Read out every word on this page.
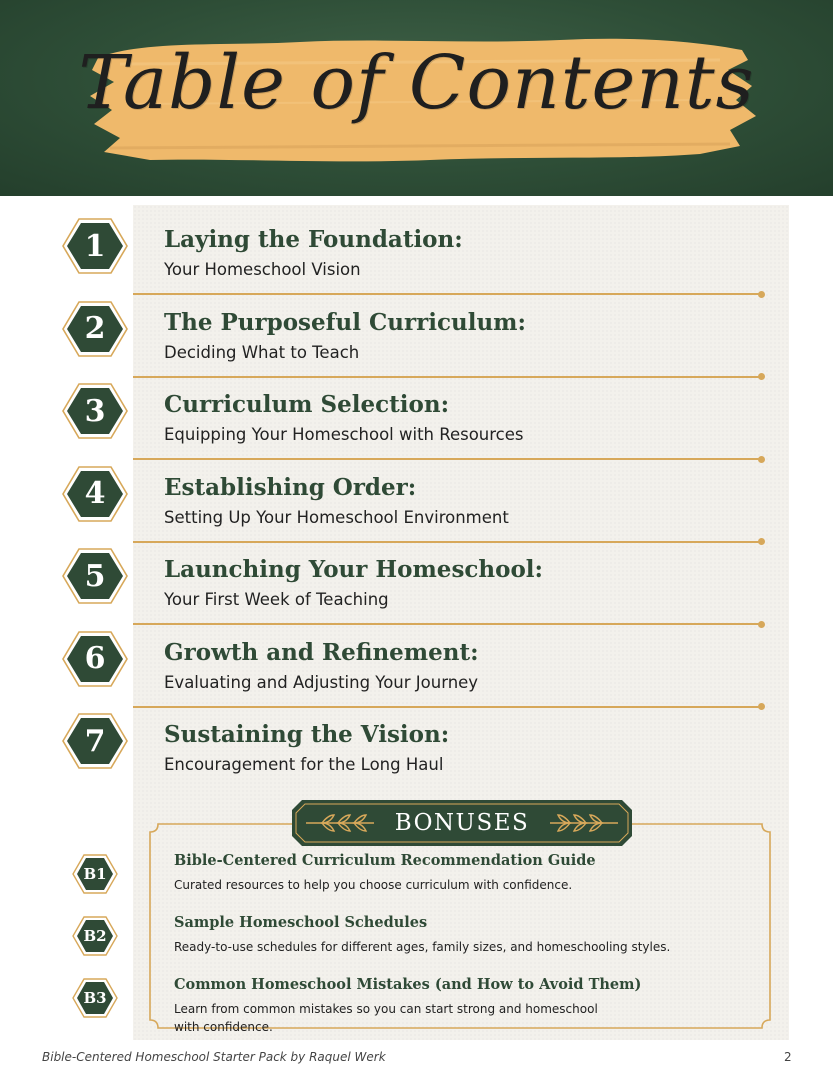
Table of Contents
1	Laying the Foundation:
Your Homeschool Vision
2	The Purposeful Curriculum:
Deciding What to Teach
3	Curriculum Selection:
Equipping Your Homeschool with Resources
4	Establishing Order:
Setting Up Your Homeschool Environment
5	Launching Your Homeschool:
Your First Week of Teaching
6	Growth and Refinement:
Evaluating and Adjusting Your Journey
7	Sustaining the Vision:
Encouragement for the Long Haul
BONUSES
B1
Bible-Centered Curriculum Recommendation Guide
Curated resources to help you choose curriculum with confidence.
B2
Sample Homeschool Schedules
Ready-to-use schedules for different ages, family sizes, and homeschooling styles.
B3
Common Homeschool Mistakes (and How to Avoid Them)
Learn from common mistakes so you can start strong and homeschool with confidence.
Bible-Centered Homeschool Starter Pack by Raquel Werk	2
